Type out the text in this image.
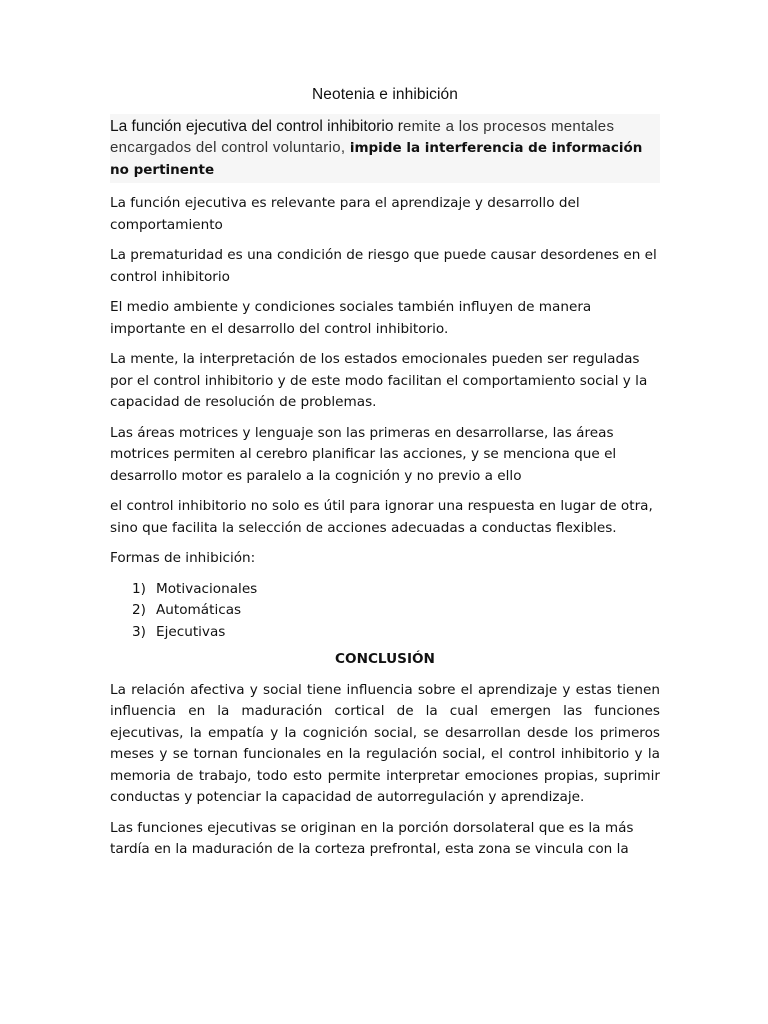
Neotenia e inhibición
La función ejecutiva del control inhibitorio remite a los procesos mentales encargados del control voluntario, impide la interferencia de información no pertinente

La función ejecutiva es relevante para el aprendizaje y desarrollo del comportamiento

La prematuridad es una condición de riesgo que puede causar desordenes en el control inhibitorio

El medio ambiente y condiciones sociales también influyen de manera importante en el desarrollo del control inhibitorio.

La mente, la interpretación de los estados emocionales pueden ser reguladas por el control inhibitorio y de este modo facilitan el comportamiento social y la capacidad de resolución de problemas.

Las áreas motrices y lenguaje son las primeras en desarrollarse, las áreas motrices permiten al cerebro planificar las acciones, y se menciona que el desarrollo motor es paralelo a la cognición y no previo a ello

el control inhibitorio no solo es útil para ignorar una respuesta en lugar de otra, sino que facilita la selección de acciones adecuadas a conductas flexibles.

Formas de inhibición:

1) Motivacionales
2) Automáticas
3) Ejecutivas
CONCLUSIÓN

La relación afectiva y social tiene influencia sobre el aprendizaje y estas tienen influencia en la maduración cortical de la cual emergen las funciones ejecutivas, la empatía y la cognición social, se desarrollan desde los primeros meses y se tornan funcionales en la regulación social, el control inhibitorio y la memoria de trabajo, todo esto permite interpretar emociones propias, suprimir conductas y potenciar la capacidad de autorregulación y aprendizaje.

Las funciones ejecutivas se originan en la porción dorsolateral que es la más tardía en la maduración de la corteza prefrontal, esta zona se vincula con la
